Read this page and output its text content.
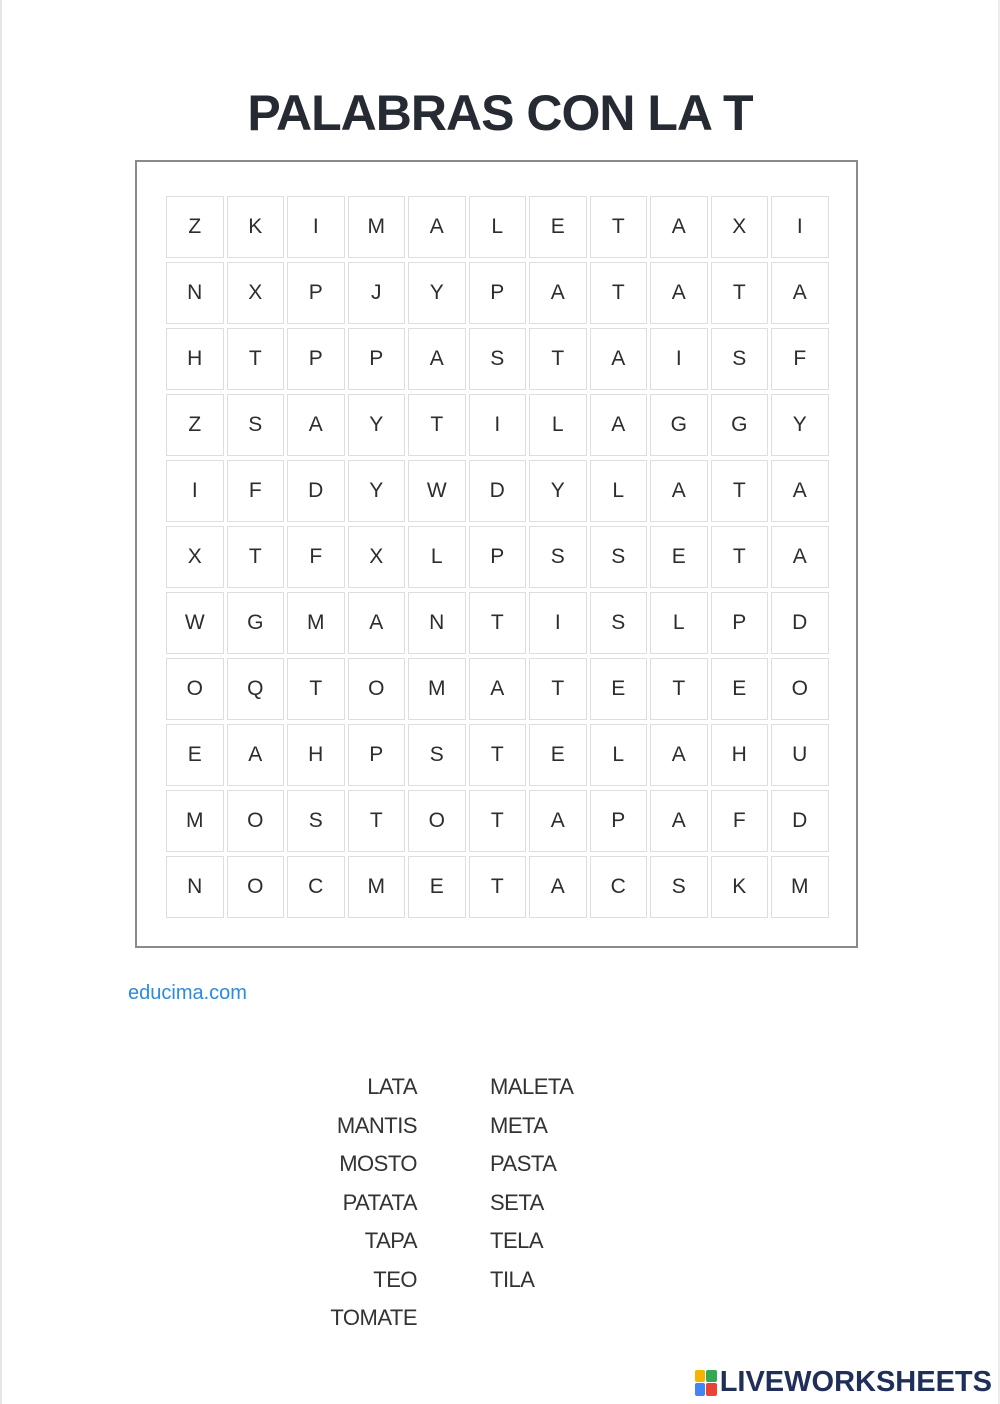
PALABRAS CON LA T
Z	K	I	M	A	L	E	T	A	X	I
N	X	P	J	Y	P	A	T	A	T	A
H	T	P	P	A	S	T	A	I	S	F
Z	S	A	Y	T	I	L	A	G	G	Y
I	F	D	Y	W	D	Y	L	A	T	A
X	T	F	X	L	P	S	S	E	T	A
W	G	M	A	N	T	I	S	L	P	D
O	Q	T	O	M	A	T	E	T	E	O
E	A	H	P	S	T	E	L	A	H	U
M	O	S	T	O	T	A	P	A	F	D
N	O	C	M	E	T	A	C	S	K	M
educima.com
LATA
MANTIS
MOSTO
PATATA
TAPA
TEO
TOMATE
MALETA
META
PASTA
SETA
TELA
TILA
LIVEWORKSHEETS
